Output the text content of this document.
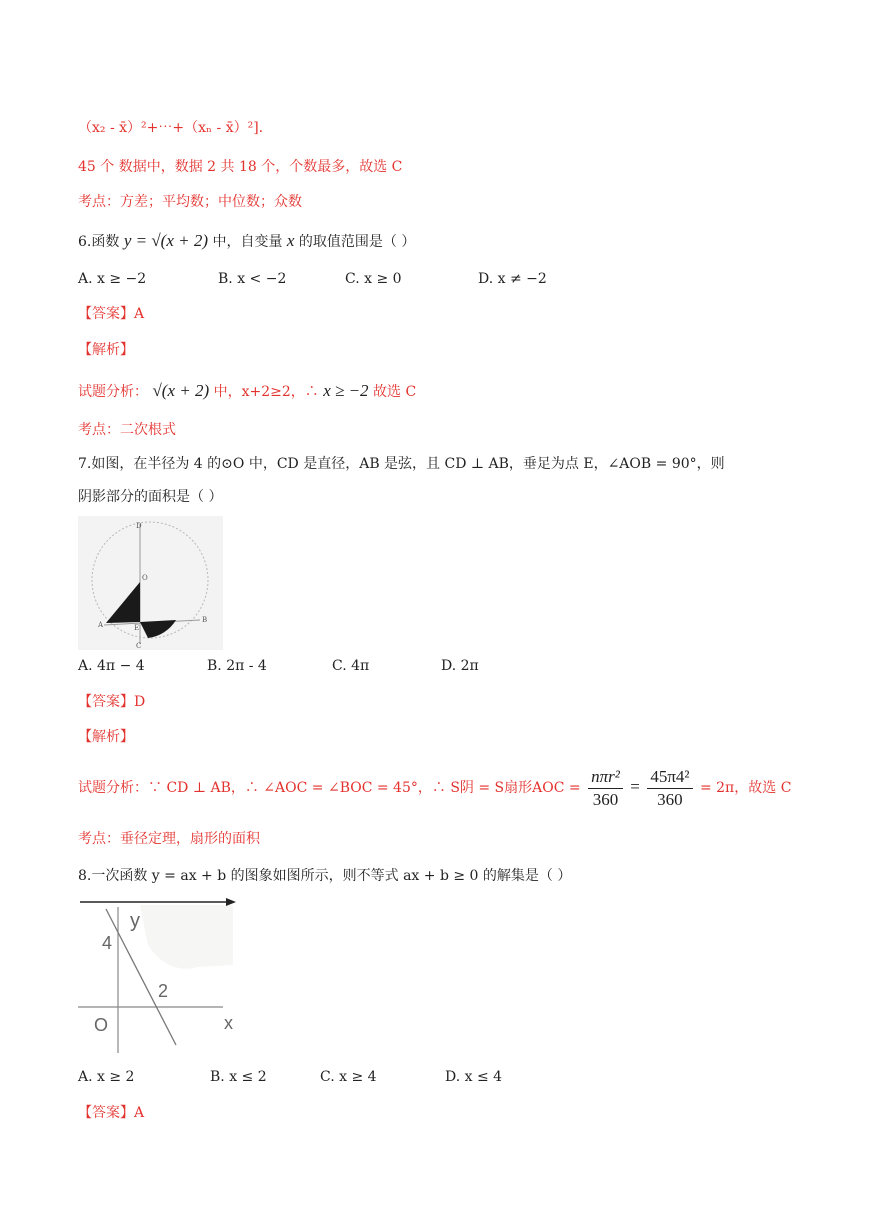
（x₂ - x̄）²+⋯+（xₙ - x̄）²].
45 个 数据中，数据 2 共 18 个，个数最多，故选 C
考点：方差；平均数；中位数；众数
6.函数 y = √(x + 2) 中，自变量 x 的取值范围是（ ）
A. x ≥ −2	B. x < −2	C. x ≥ 0	D. x ≠ −2
【答案】A
【解析】
试题分析： √(x + 2) 中，x+2≥2，∴ x ≥ −2 故选 C
考点：二次根式
7.如图，在半径为 4 的⊙O 中，CD 是直径，AB 是弦，且 CD ⊥ AB，垂足为点 E，∠AOB = 90°，则
阴影部分的面积是（ ）
D
O
A	E
B
C
A. 4π − 4	B. 2π - 4	C. 4π	D. 2π
【答案】D
【解析】
试题分析：∵ CD ⊥ AB，∴ ∠AOC = ∠BOC = 45°，∴ S阴 = S扇形AOC = $\frac{\text{nπr²}}{360} = \frac{\text{45π4²}}{360} = 2\pi$，故选 C
考点：垂径定理，扇形的面积
8.一次函数 y = ax + b 的图象如图所示，则不等式 ax + b ≥ 0 的解集是（ ）
y
4
2
O	x
A. x ≥ 2	B. x ≤ 2	C. x ≥ 4	D. x ≤ 4
【答案】A
